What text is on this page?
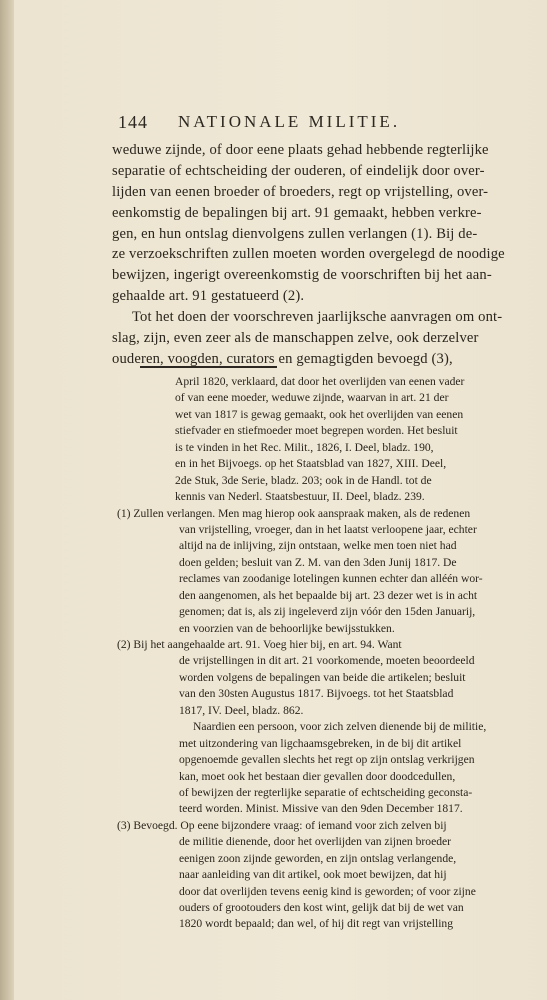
144 NATIONALE MILITIE.
weduwe zijnde, of door eene plaats gehad hebbende regterlijke
separatie of echtscheiding der ouderen, of eindelijk door over-
lijden van eenen broeder of broeders, regt op vrijstelling, over-
eenkomstig de bepalingen bij art. 91 gemaakt, hebben verkre-
gen, en hun ontslag dienvolgens zullen verlangen (1). Bij de-
ze verzoekschriften zullen moeten worden overgelegd de noodige
bewijzen, ingerigt overeenkomstig de voorschriften bij het aan-
gehaalde art. 91 gestatueerd (2).
Tot het doen der voorschreven jaarlijksche aanvragen om ont-
slag, zijn, even zeer als de manschappen zelve, ook derzelver
ouderen, voogden, curators en gemagtigden bevoegd (3),
April 1820, verklaard, dat door het overlijden van eenen vader
of van eene moeder, weduwe zijnde, waarvan in art. 21 der
wet van 1817 is gewag gemaakt, ook het overlijden van eenen
stiefvader en stiefmoeder moet begrepen worden. Het besluit
is te vinden in het Rec. Milit., 1826, I. Deel, bladz. 190,
en in het Bijvoegs. op het Staatsblad van 1827, XIII. Deel,
2de Stuk, 3de Serie, bladz. 203; ook in de Handl. tot de
kennis van Nederl. Staatsbestuur, II. Deel, bladz. 239.
(1) Zullen verlangen. Men mag hierop ook aanspraak maken, als de redenen
van vrijstelling, vroeger, dan in het laatst verloopene jaar, echter
altijd na de inlijving, zijn ontstaan, welke men toen niet had
doen gelden; besluit van Z. M. van den 3den Junij 1817. De
reclames van zoodanige lotelingen kunnen echter dan alléén wor-
den aangenomen, als het bepaalde bij art. 23 dezer wet is in acht
genomen; dat is, als zij ingeleverd zijn vóór den 15den Januarij,
en voorzien van de behoorlijke bewijsstukken.
(2) Bij het aangehaalde art. 91. Voeg hier bij, en art. 94. Want
de vrijstellingen in dit art. 21 voorkomende, moeten beoordeeld
worden volgens de bepalingen van beide die artikelen; besluit
van den 30sten Augustus 1817. Bijvoegs. tot het Staatsblad
1817, IV. Deel, bladz. 862.
Naardien een persoon, voor zich zelven dienende bij de militie,
met uitzondering van ligchaamsgebreken, in de bij dit artikel
opgenoemde gevallen slechts het regt op zijn ontslag verkrijgen
kan, moet ook het bestaan dier gevallen door doodcedullen,
of bewijzen der regterlijke separatie of echtscheiding geconsta-
teerd worden. Minist. Missive van den 9den December 1817.
(3) Bevoegd. Op eene bijzondere vraag: of iemand voor zich zelven bij
de militie dienende, door het overlijden van zijnen broeder
eenigen zoon zijnde geworden, en zijn ontslag verlangende,
naar aanleiding van dit artikel, ook moet bewijzen, dat hij
door dat overlijden tevens eenig kind is geworden; of voor zijne
ouders of grootouders den kost wint, gelijk dat bij de wet van
1820 wordt bepaald; dan wel, of hij dit regt van vrijstelling
